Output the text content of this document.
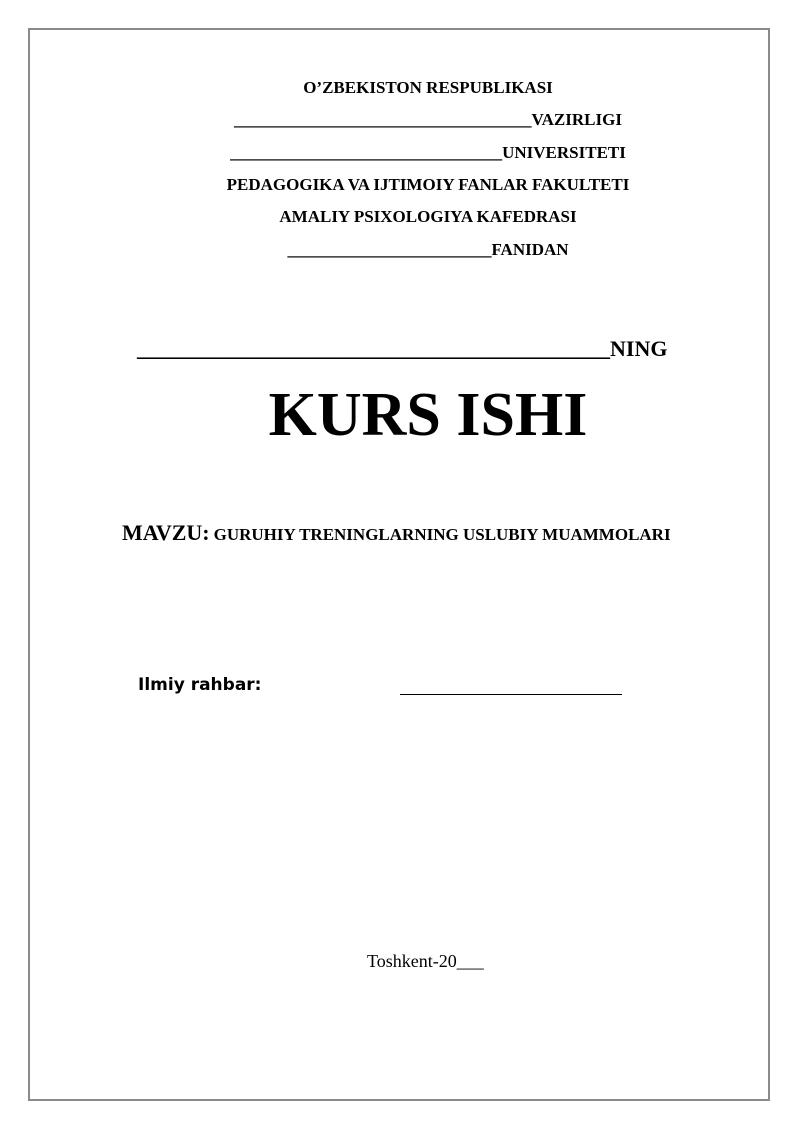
O’ZBEKISTON RESPUBLIKASI
___________________________________VAZIRLIGI
________________________________UNIVERSITETI
PEDAGOGIKA VA IJTIMOIY FANLAR FAKULTETI
AMALIY PSIXOLOGIYA KAFEDRASI
________________________FANIDAN
___________________________________________NING
KURS ISHI
MAVZU: GURUHIY TRENINGLARNING USLUBIY MUAMMOLARI
Ilmiy rahbar:
Toshkent-20___
